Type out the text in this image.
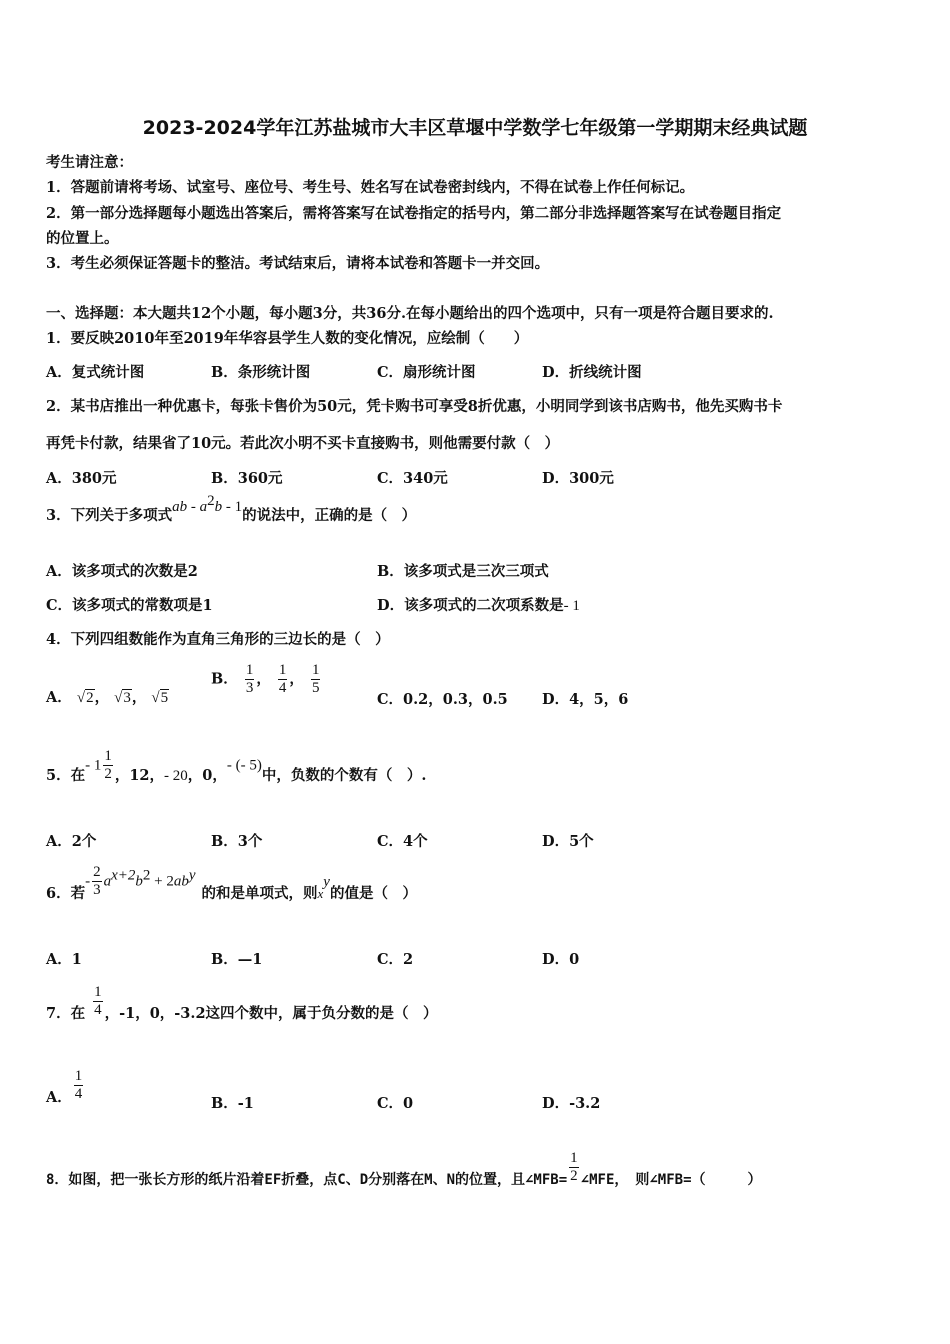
2023-2024学年江苏盐城市大丰区草堰中学数学七年级第一学期期末经典试题
考生请注意：
1．答题前请将考场、试室号、座位号、考生号、姓名写在试卷密封线内，不得在试卷上作任何标记。
2．第一部分选择题每小题选出答案后，需将答案写在试卷指定的括号内，第二部分非选择题答案写在试卷题目指定
的位置上。
3．考生必须保证答题卡的整洁。考试结束后，请将本试卷和答题卡一并交回。
一、选择题：本大题共12个小题，每小题3分，共36分.在每小题给出的四个选项中，只有一项是符合题目要求的.
1．要反映2010年至2019年华容县学生人数的变化情况，应绘制（　　）
A．复式统计图	B．条形统计图	C．扇形统计图	D．折线统计图
2．某书店推出一种优惠卡，每张卡售价为50元，凭卡购书可享受8折优惠，小明同学到该书店购书，他先买购书卡
再凭卡付款，结果省了10元。若此次小明不买卡直接购书，则他需要付款（　）
A．380元	B．360元	C．340元	D．300元
3．下列关于多项式ab - $a^2b - 1$的说法中，正确的是（　）
A．该多项式的次数是2	B．该多项式是三次三项式
C．该多项式的常数项是1	D．该多项式的二次项系数是- 1
4．下列四组数能作为直角三角形的三边长的是（　）
A． √2， √3， √5
B． $\frac{1}{3}$ ， $\frac{1}{4}$ ， $\frac{1}{5}$
C．0.2，0.3，0.5 D．4，5，6
5．在- $1 \frac{1}{2}$ ，12，- 20，0，- (- 5)中，负数的个数有（　）.
A．2个	B．3个	C．4个	D．5个
6．若- $\frac{2}{3} a^{x+2}b^2 + 2ab^y$的和是单项式，则$x^y$的值是（　）
A．1	B．—1	C．2	D．0
7．在 $\frac{1}{4}$ ，-1，0，-3.2这四个数中，属于负分数的是（　）
A． $\frac{1}{4}$
B．-1	C．0	D．-3.2
8．如图，把一张长方形的纸片沿着EF折叠，点C、D分别落在M、N的位置，且∠MFB= $\frac{1}{2}$ ∠MFE，　则∠MFB=（　　　）
